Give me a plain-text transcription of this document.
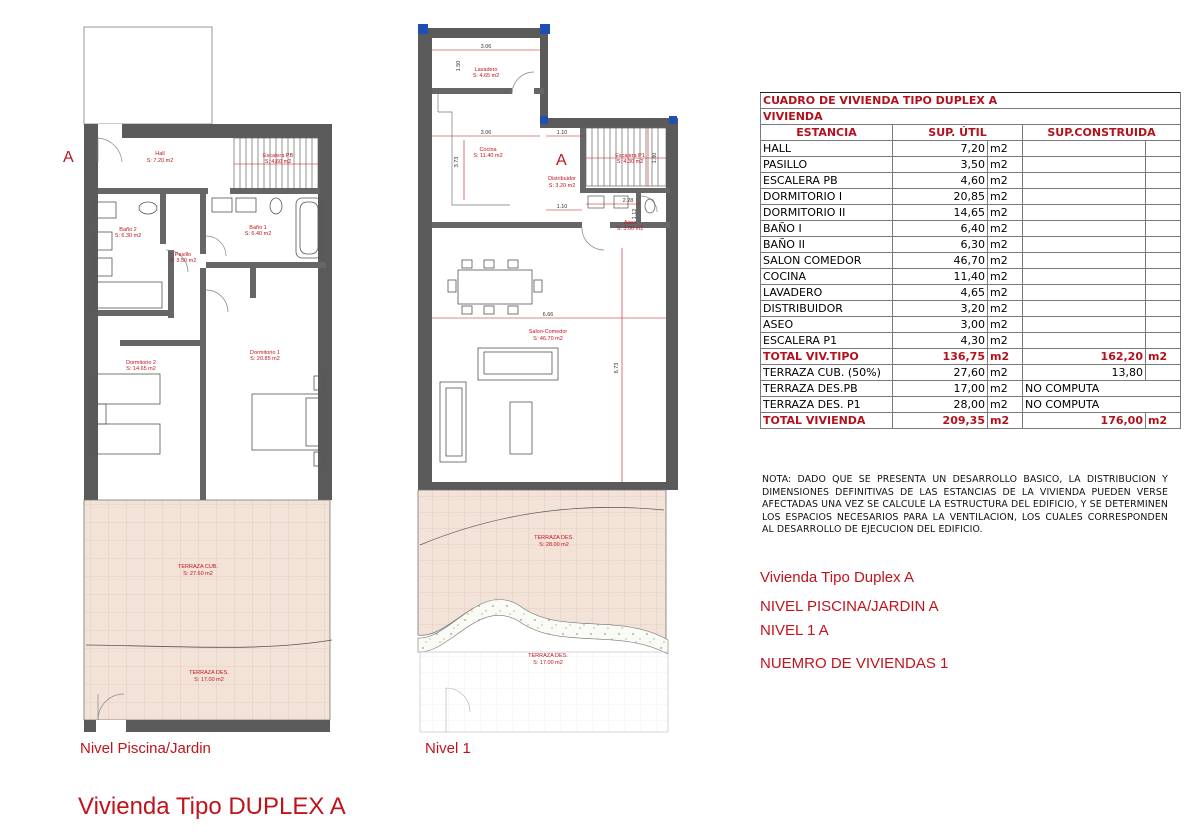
Hall
S: 7.20 m2
Escalera PB
S: 4.60 m2
Baño 2
S: 6.30 m2
Pasillo
S: 3.50 m2
Baño 1
S: 6.40 m2
Dormitorio 2
S: 14.65 m2
Dormitorio 1
S: 20.85 m2
TERRAZA CUB.
S: 27.60 m2
TERRAZA DES.
S: 17.00 m2
A
3.06
1.50
3.06
3.73
1.10
1.80
1.10
2.28
1.12
6.66
6.73
Lavadero
S: 4.65 m2
Cocina
S: 11.40 m2	Escalera P1
S: 4.30 m2
Distribuidor
S: 3.20 m2
Aseo
S: 3.00 m2
Salon-Comedor
S: 46.70 m2
TERRAZA DES.
S: 28.00 m2
TERRAZA DES.
S: 17.00 m2
A
Nivel Piscina/Jardin	Nivel 1
CUADRO DE VIVIENDA TIPO DUPLEX A				
VIVIENDA				
ESTANCIA	SUP. ÚTIL		SUP.CONSTRUIDA	
HALL	7,20	m2		
PASILLO	3,50	m2		
ESCALERA PB	4,60	m2		
DORMITORIO I	20,85	m2		
DORMITORIO II	14,65	m2		
BAÑO I	6,40	m2		
BAÑO II	6,30	m2		
SALON COMEDOR	46,70	m2		
COCINA	11,40	m2		
LAVADERO	4,65	m2		
DISTRIBUIDOR	3,20	m2		
ASEO	3,00	m2		
ESCALERA P1	4,30	m2		
TOTAL VIV.TIPO	136,75	m2	162,20	m2
TERRAZA CUB. (50%)	27,60	m2	13,80	
TERRAZA DES.PB	17,00	m2	NO COMPUTA	
TERRAZA DES. P1	28,00	m2	NO COMPUTA	
TOTAL VIVIENDA	209,35	m2	176,00	m2
NOTA: DADO QUE SE PRESENTA UN DESARROLLO BASICO, LA DISTRIBUCION Y DIMENSIONES DEFINITIVAS DE LAS ESTANCIAS DE LA VIVIENDA PUEDEN VERSE AFECTADAS UNA VEZ SE CALCULE LA ESTRUCTURA DEL EDIFICIO, Y SE DETERMINEN LOS ESPACIOS NECESARIOS PARA LA VENTILACION, LOS CUALES CORRESPONDEN AL DESARROLLO DE EJECUCION DEL EDIFICIO.
Vivienda Tipo Duplex A
NIVEL PISCINA/JARDIN A
NIVEL 1 A
NUEMRO DE VIVIENDAS 1
Vivienda Tipo DUPLEX A
